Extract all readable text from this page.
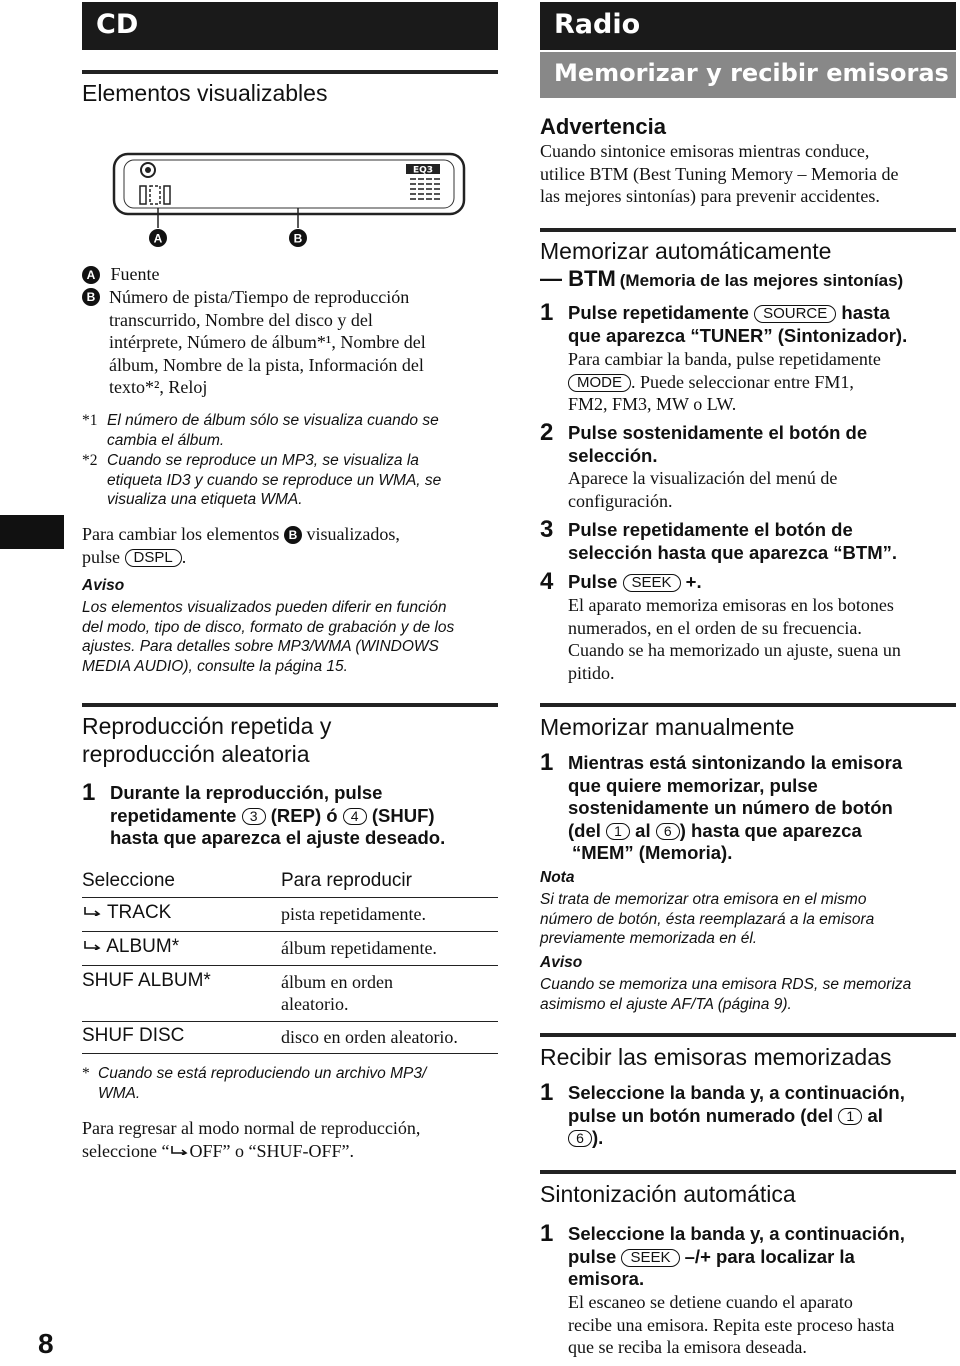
CD
Elementos visualizables
EQ3
A	B
A Fuente
B Número de pista/Tiempo de reproducción
transcurrido, Nombre del disco y del
intérprete, Número de álbum*¹, Nombre del
álbum, Nombre de la pista, Información del
texto*², Reloj
*1 El número de álbum sólo se visualiza cuando se
cambia el álbum.
*2 Cuando se reproduce un MP3, se visualiza la
etiqueta ID3 y cuando se reproduce un WMA, se
visualiza una etiqueta WMA.
Para cambiar los elementos B visualizados,
pulse DSPL .
Aviso
Los elementos visualizados pueden diferir en función
del modo, tipo de disco, formato de grabación y de los
ajustes. Para detalles sobre MP3/WMA (WINDOWS
MEDIA AUDIO), consulte la página 15.
Reproducción repetida y
reproducción aleatoria
1 Durante la reproducción, pulse
repetidamente 3 (REP) ó 4 (SHUF)
hasta que aparezca el ajuste deseado.
Seleccione	Para reproducir
TRACK	pista repetidamente.
ALBUM*	álbum repetidamente.
SHUF ALBUM*	álbum en orden
aleatorio.
SHUF DISC	disco en orden aleatorio.
* Cuando se está reproduciendo un archivo MP3/
WMA.
Para regresar al modo normal de reproducción,
seleccione “ OFF” o “SHUF-OFF”.
8
Radio
Memorizar y recibir emisoras
Advertencia
Cuando sintonice emisoras mientras conduce,
utilice BTM (Best Tuning Memory – Memoria de
las mejores sintonías) para prevenir accidentes.
Memorizar automáticamente
— BTM (Memoria de las mejores sintonías)
1 Pulse repetidamente SOURCE hasta
que aparezca “TUNER” (Sintonizador).
Para cambiar la banda, pulse repetidamente
MODE . Puede seleccionar entre FM1,
FM2, FM3, MW o LW.
2 Pulse sostenidamente el botón de
selección.
Aparece la visualización del menú de
configuración.
3 Pulse repetidamente el botón de
selección hasta que aparezca “BTM”.
4 Pulse SEEK +.
El aparato memoriza emisoras en los botones
numerados, en el orden de su frecuencia.
Cuando se ha memorizado un ajuste, suena un
pitido.
Memorizar manualmente
1 Mientras está sintonizando la emisora
que quiere memorizar, pulse
sostenidamente un número de botón
(del 1 al 6 ) hasta que aparezca
“MEM” (Memoria).
Nota
Si trata de memorizar otra emisora en el mismo
número de botón, ésta reemplazará a la emisora
previamente memorizada en él.
Aviso
Cuando se memoriza una emisora RDS, se memoriza
asimismo el ajuste AF/TA (página 9).
Recibir las emisoras memorizadas
1 Seleccione la banda y, a continuación,
pulse un botón numerado (del 1 al
6 ).
Sintonización automática
1 Seleccione la banda y, a continuación,
pulse SEEK –/+ para localizar la
emisora.
El escaneo se detiene cuando el aparato
recibe una emisora. Repita este proceso hasta
que se reciba la emisora deseada.
